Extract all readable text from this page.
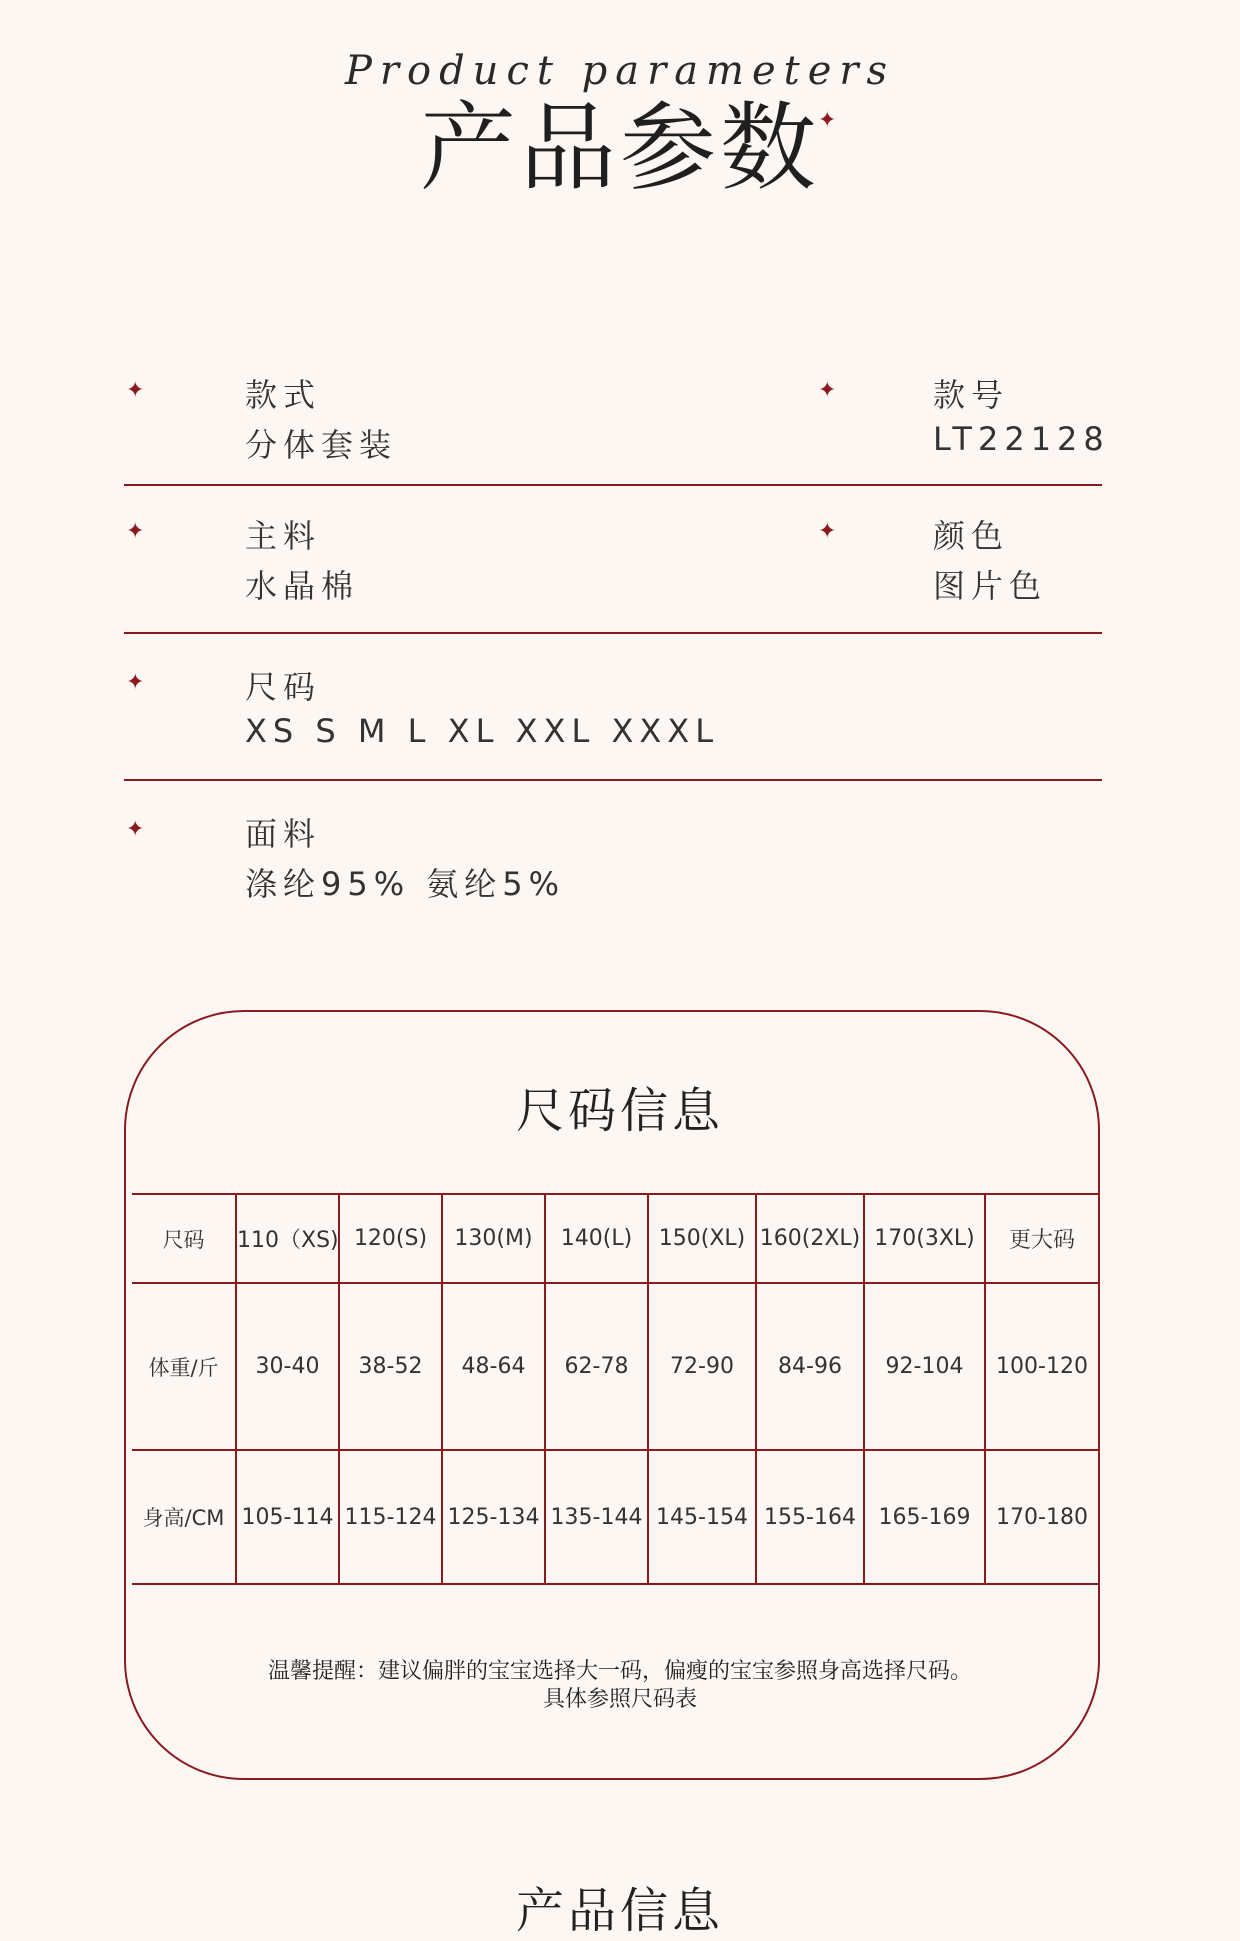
Product parameters
产品参数
✦
✦	款式
分体套装
✦	款号
LT22128
✦	主料
水晶棉
✦	颜色
图片色
✦	尺码
XS S M L XL XXL XXXL
✦	面料
涤纶95% 氨纶5%
尺码信息
尺码	110（XS)	120(S)	130(M)	140(L)	150(XL)	160(2XL)	170(3XL)	更大码
体重/斤	30-40	38-52	48-64	62-78	72-90	84-96	92-104	100-120
身高/CM	105-114	115-124	125-134	135-144	145-154	155-164	165-169	170-180
温馨提醒：建议偏胖的宝宝选择大一码，偏瘦的宝宝参照身高选择尺码。
具体参照尺码表
产品信息
